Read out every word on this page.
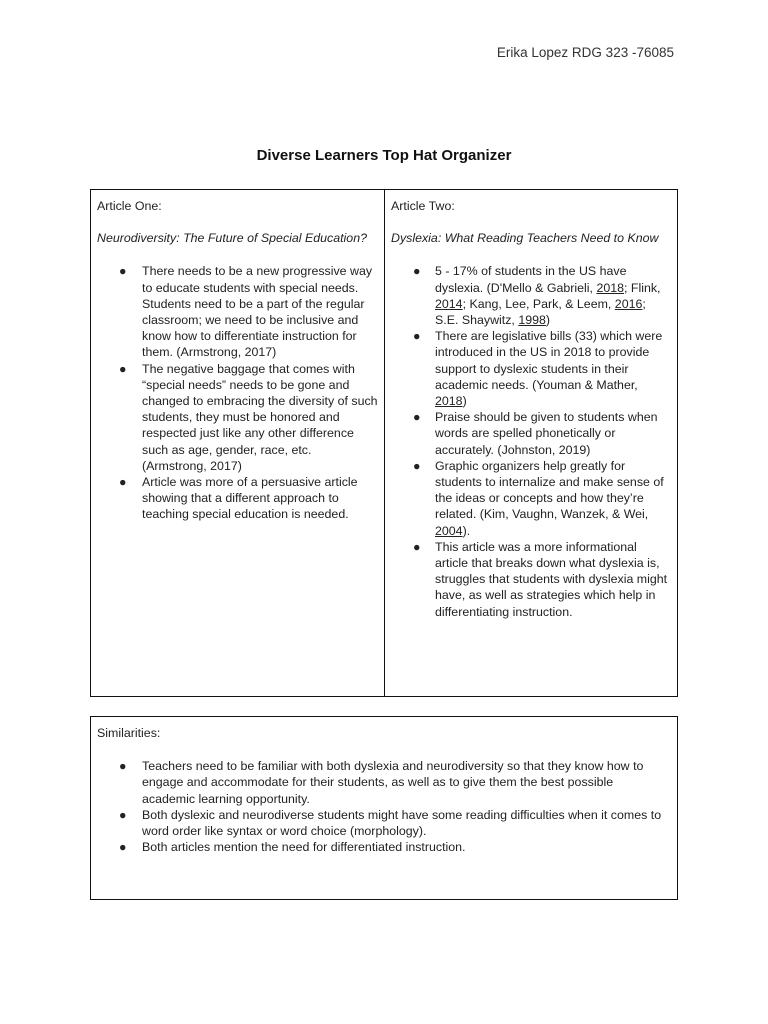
Erika Lopez RDG 323 -76085
Diverse Learners Top Hat Organizer

Article One:

Neurodiversity: The Future of Special Education?

● There needs to be a new progressive way to educate students with special needs. Students need to be a part of the regular classroom; we need to be inclusive and know how to differentiate instruction for them. (Armstrong, 2017)
● The negative baggage that comes with “special needs” needs to be gone and changed to embracing the diversity of such students, they must be honored and respected just like any other difference such as age, gender, race, etc. (Armstrong, 2017)
● Article was more of a persuasive article showing that a different approach to teaching special education is needed.

Article Two:

Dyslexia: What Reading Teachers Need to Know

● 5 - 17% of students in the US have dyslexia. (D'Mello & Gabrieli, 2018; Flink, 2014; Kang, Lee, Park, & Leem, 2016; S.E. Shaywitz, 1998)
● There are legislative bills (33) which were introduced in the US in 2018 to provide support to dyslexic students in their academic needs. (Youman & Mather, 2018)
● Praise should be given to students when words are spelled phonetically or accurately. (Johnston, 2019)
● Graphic organizers help greatly for students to internalize and make sense of the ideas or concepts and how they’re related. (Kim, Vaughn, Wanzek, & Wei, 2004).
● This article was a more informational article that breaks down what dyslexia is, struggles that students with dyslexia might have, as well as strategies which help in differentiating instruction.

Similarities:

● Teachers need to be familiar with both dyslexia and neurodiversity so that they know how to engage and accommodate for their students, as well as to give them the best possible academic learning opportunity.
● Both dyslexic and neurodiverse students might have some reading difficulties when it comes to word order like syntax or word choice (morphology).
● Both articles mention the need for differentiated instruction.
